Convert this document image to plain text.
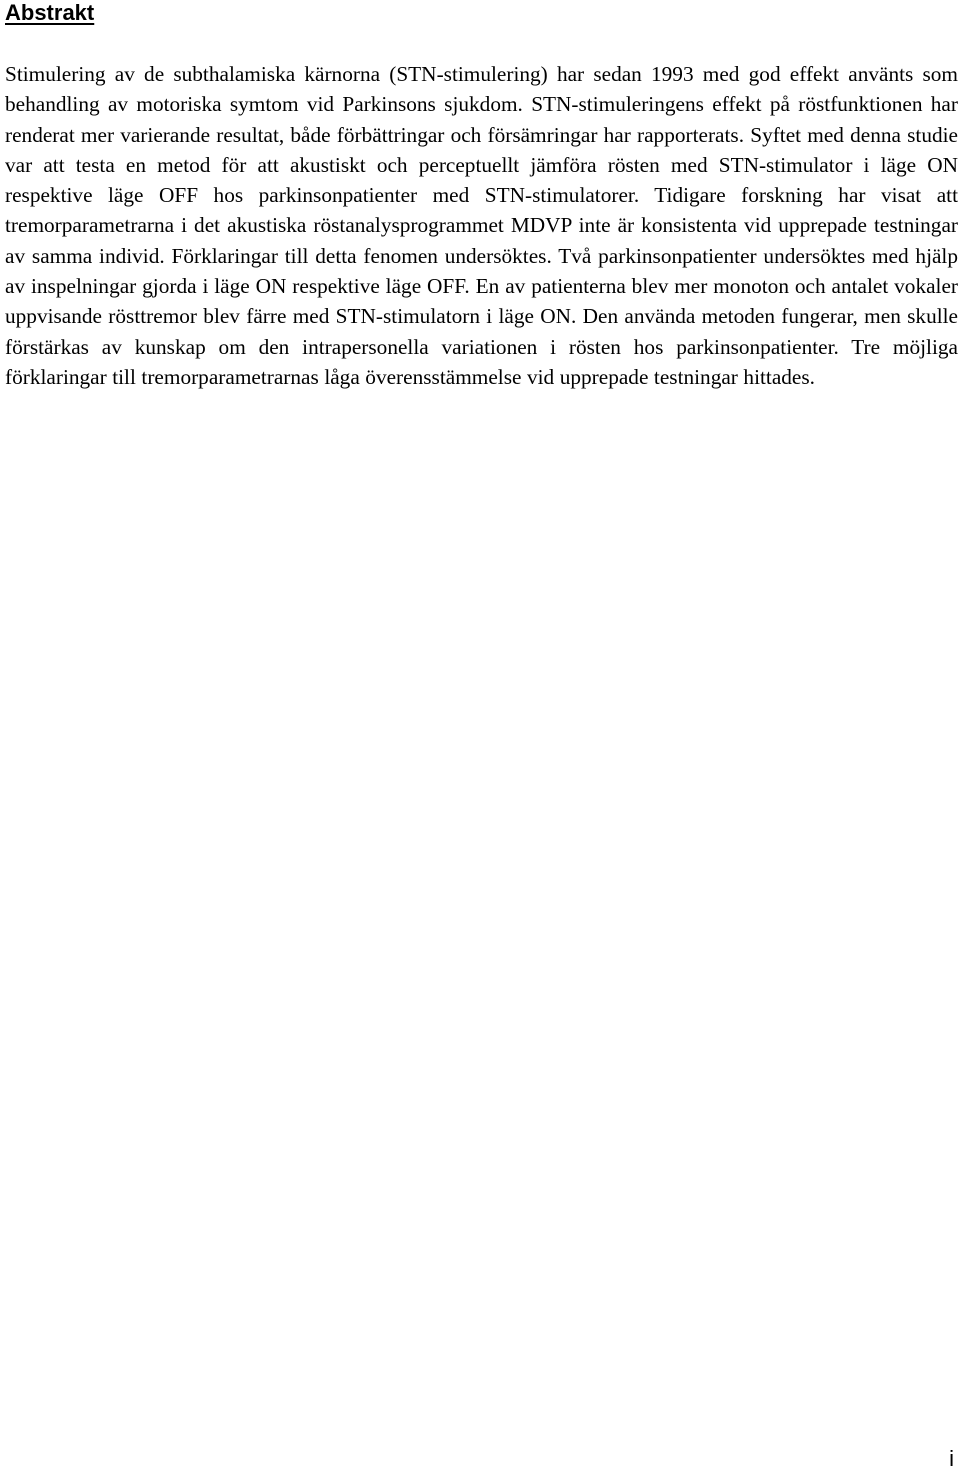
Abstrakt

Stimulering av de subthalamiska kärnorna (STN-stimulering) har sedan 1993 med god effekt använts som behandling av motoriska symtom vid Parkinsons sjukdom. STN-stimuleringens effekt på röstfunktionen har renderat mer varierande resultat, både förbättringar och försämringar har rapporterats. Syftet med denna studie var att testa en metod för att akustiskt och perceptuellt jämföra rösten med STN-stimulator i läge ON respektive läge OFF hos parkinsonpatienter med STN-stimulatorer. Tidigare forskning har visat att tremorparametrarna i det akustiska röstanalysprogrammet MDVP inte är konsistenta vid upprepade testningar av samma individ. Förklaringar till detta fenomen undersöktes. Två parkinsonpatienter undersöktes med hjälp av inspelningar gjorda i läge ON respektive läge OFF. En av patienterna blev mer monoton och antalet vokaler uppvisande rösttremor blev färre med STN-stimulatorn i läge ON. Den använda metoden fungerar, men skulle förstärkas av kunskap om den intrapersonella variationen i rösten hos parkinsonpatienter. Tre möjliga förklaringar till tremorparametrarnas låga överensstämmelse vid upprepade testningar hittades.

i
